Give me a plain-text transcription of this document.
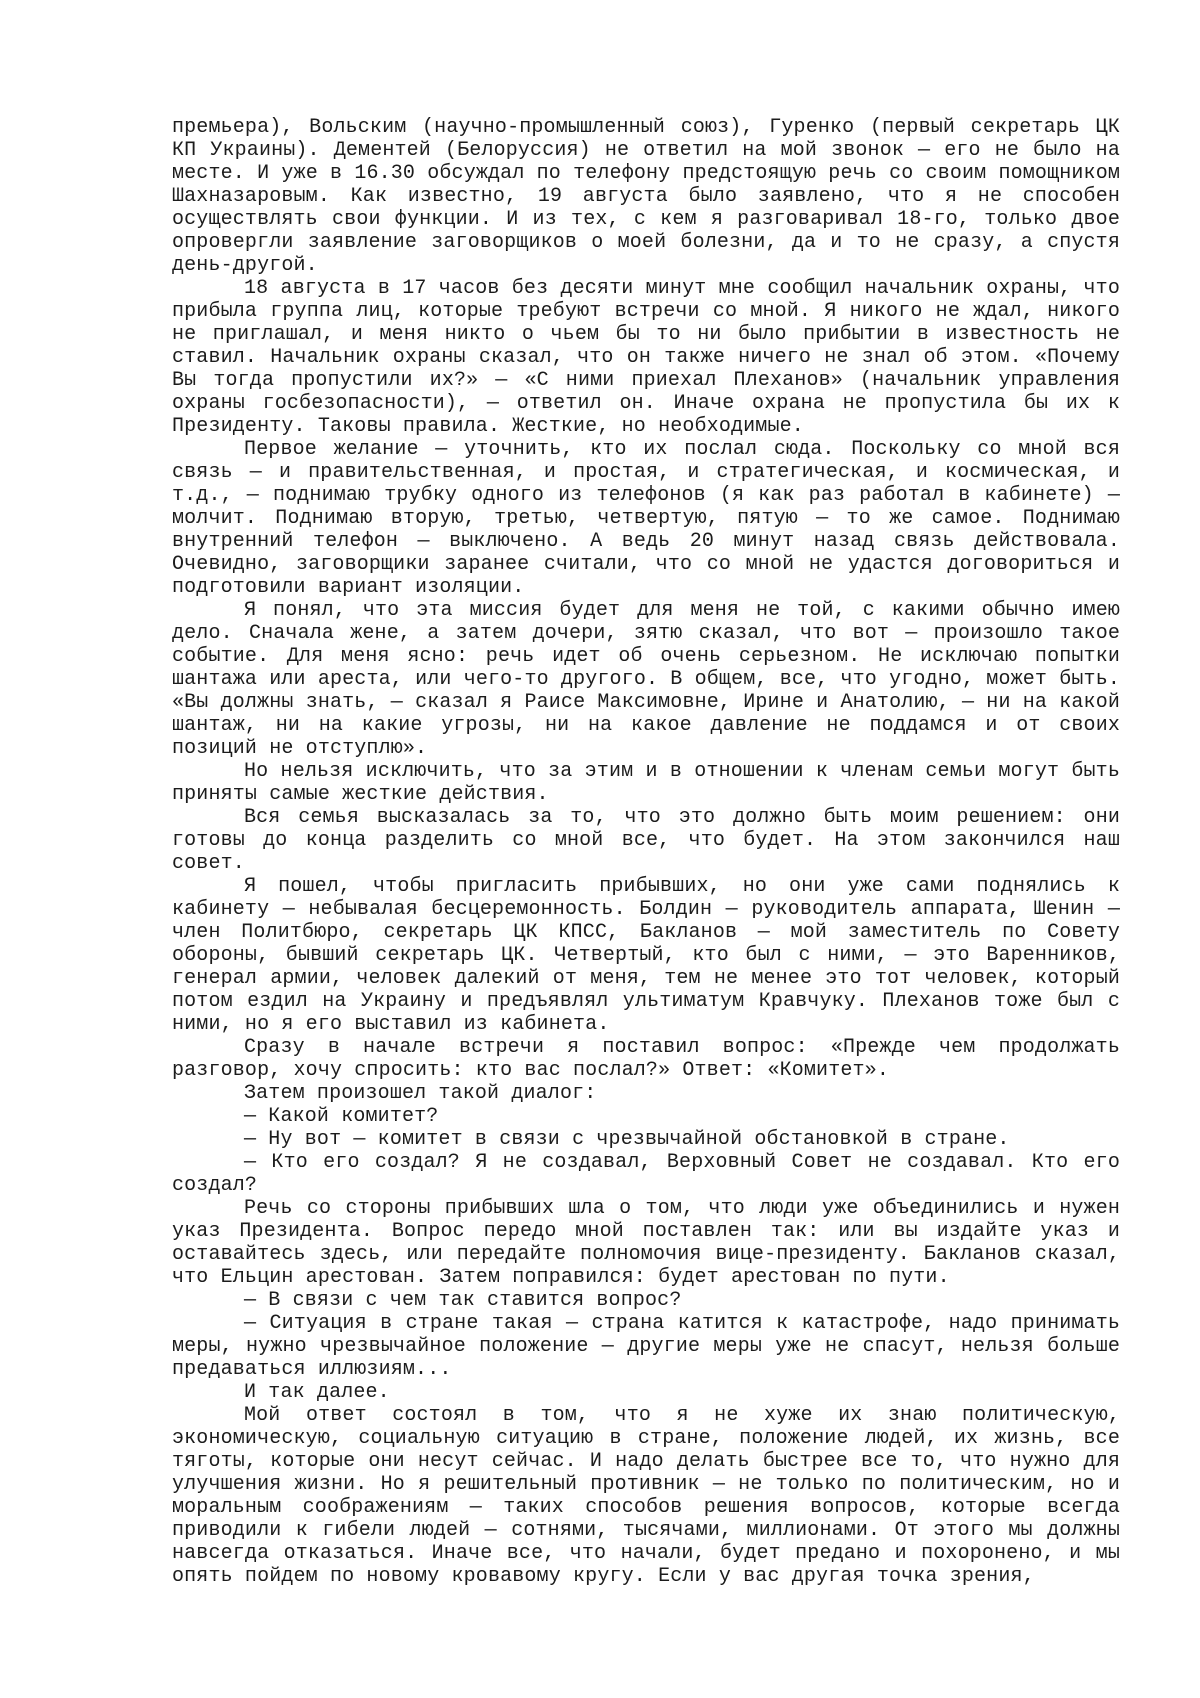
премьера), Вольским (научно-промышленный союз), Гуренко (первый секретарь ЦК КП Украины). Дементей (Белоруссия) не ответил на мой звонок — его не было на месте. И уже в 16.30 обсуждал по телефону предстоящую речь со своим помощником Шахназаровым. Как известно, 19 августа было заявлено, что я не способен осуществлять свои функции. И из тех, с кем я разговаривал 18-го, только двое опровергли заявление заговорщиков о моей болезни, да и то не сразу, а спустя день-другой.

18 августа в 17 часов без десяти минут мне сообщил начальник охраны, что прибыла группа лиц, которые требуют встречи со мной. Я никого не ждал, никого не приглашал, и меня никто о чьем бы то ни было прибытии в известность не ставил. Начальник охраны сказал, что он также ничего не знал об этом. «Почему Вы тогда пропустили их?» — «С ними приехал Плеханов» (начальник управления охраны госбезопасности), — ответил он. Иначе охрана не пропустила бы их к Президенту. Таковы правила. Жесткие, но необходимые.

Первое желание — уточнить, кто их послал сюда. Поскольку со мной вся связь — и правительственная, и простая, и стратегическая, и космическая, и т.д., — поднимаю трубку одного из телефонов (я как раз работал в кабинете) — молчит. Поднимаю вторую, третью, четвертую, пятую — то же самое. Поднимаю внутренний телефон — выключено. А ведь 20 минут назад связь действовала. Очевидно, заговорщики заранее считали, что со мной не удастся договориться и подготовили вариант изоляции.

Я понял, что эта миссия будет для меня не той, с какими обычно имею дело. Сначала жене, а затем дочери, зятю сказал, что вот — произошло такое событие. Для меня ясно: речь идет об очень серьезном. Не исключаю попытки шантажа или ареста, или чего-то другого. В общем, все, что угодно, может быть. «Вы должны знать, — сказал я Раисе Максимовне, Ирине и Анатолию, — ни на какой шантаж, ни на какие угрозы, ни на какое давление не поддамся и от своих позиций не отступлю».

Но нельзя исключить, что за этим и в отношении к членам семьи могут быть приняты самые жесткие действия.

Вся семья высказалась за то, что это должно быть моим решением: они готовы до конца разделить со мной все, что будет. На этом закончился наш совет.

Я пошел, чтобы пригласить прибывших, но они уже сами поднялись к кабинету — небывалая бесцеремонность. Болдин — руководитель аппарата, Шенин — член Политбюро, секретарь ЦК КПСС, Бакланов — мой заместитель по Совету обороны, бывший секретарь ЦК. Четвертый, кто был с ними, — это Варенников, генерал армии, человек далекий от меня, тем не менее это тот человек, который потом ездил на Украину и предъявлял ультиматум Кравчуку. Плеханов тоже был с ними, но я его выставил из кабинета.

Сразу в начале встречи я поставил вопрос: «Прежде чем продолжать разговор, хочу спросить: кто вас послал?» Ответ: «Комитет».

Затем произошел такой диалог:

— Какой комитет?

— Ну вот — комитет в связи с чрезвычайной обстановкой в стране.

— Кто его создал? Я не создавал, Верховный Совет не создавал. Кто его создал?

Речь со стороны прибывших шла о том, что люди уже объединились и нужен указ Президента. Вопрос передо мной поставлен так: или вы издайте указ и оставайтесь здесь, или передайте полномочия вице-президенту. Бакланов сказал, что Ельцин арестован. Затем поправился: будет арестован по пути.

— В связи с чем так ставится вопрос?

— Ситуация в стране такая — страна катится к катастрофе, надо принимать меры, нужно чрезвычайное положение — другие меры уже не спасут, нельзя больше предаваться иллюзиям...

И так далее.

Мой ответ состоял в том, что я не хуже их знаю политическую, экономическую, социальную ситуацию в стране, положение людей, их жизнь, все тяготы, которые они несут сейчас. И надо делать быстрее все то, что нужно для улучшения жизни. Но я решительный противник — не только по политическим, но и моральным соображениям — таких способов решения вопросов, которые всегда приводили к гибели людей — сотнями, тысячами, миллионами. От этого мы должны навсегда отказаться. Иначе все, что начали, будет предано и похоронено, и мы опять пойдем по новому кровавому кругу. Если у вас другая точка зрения,
